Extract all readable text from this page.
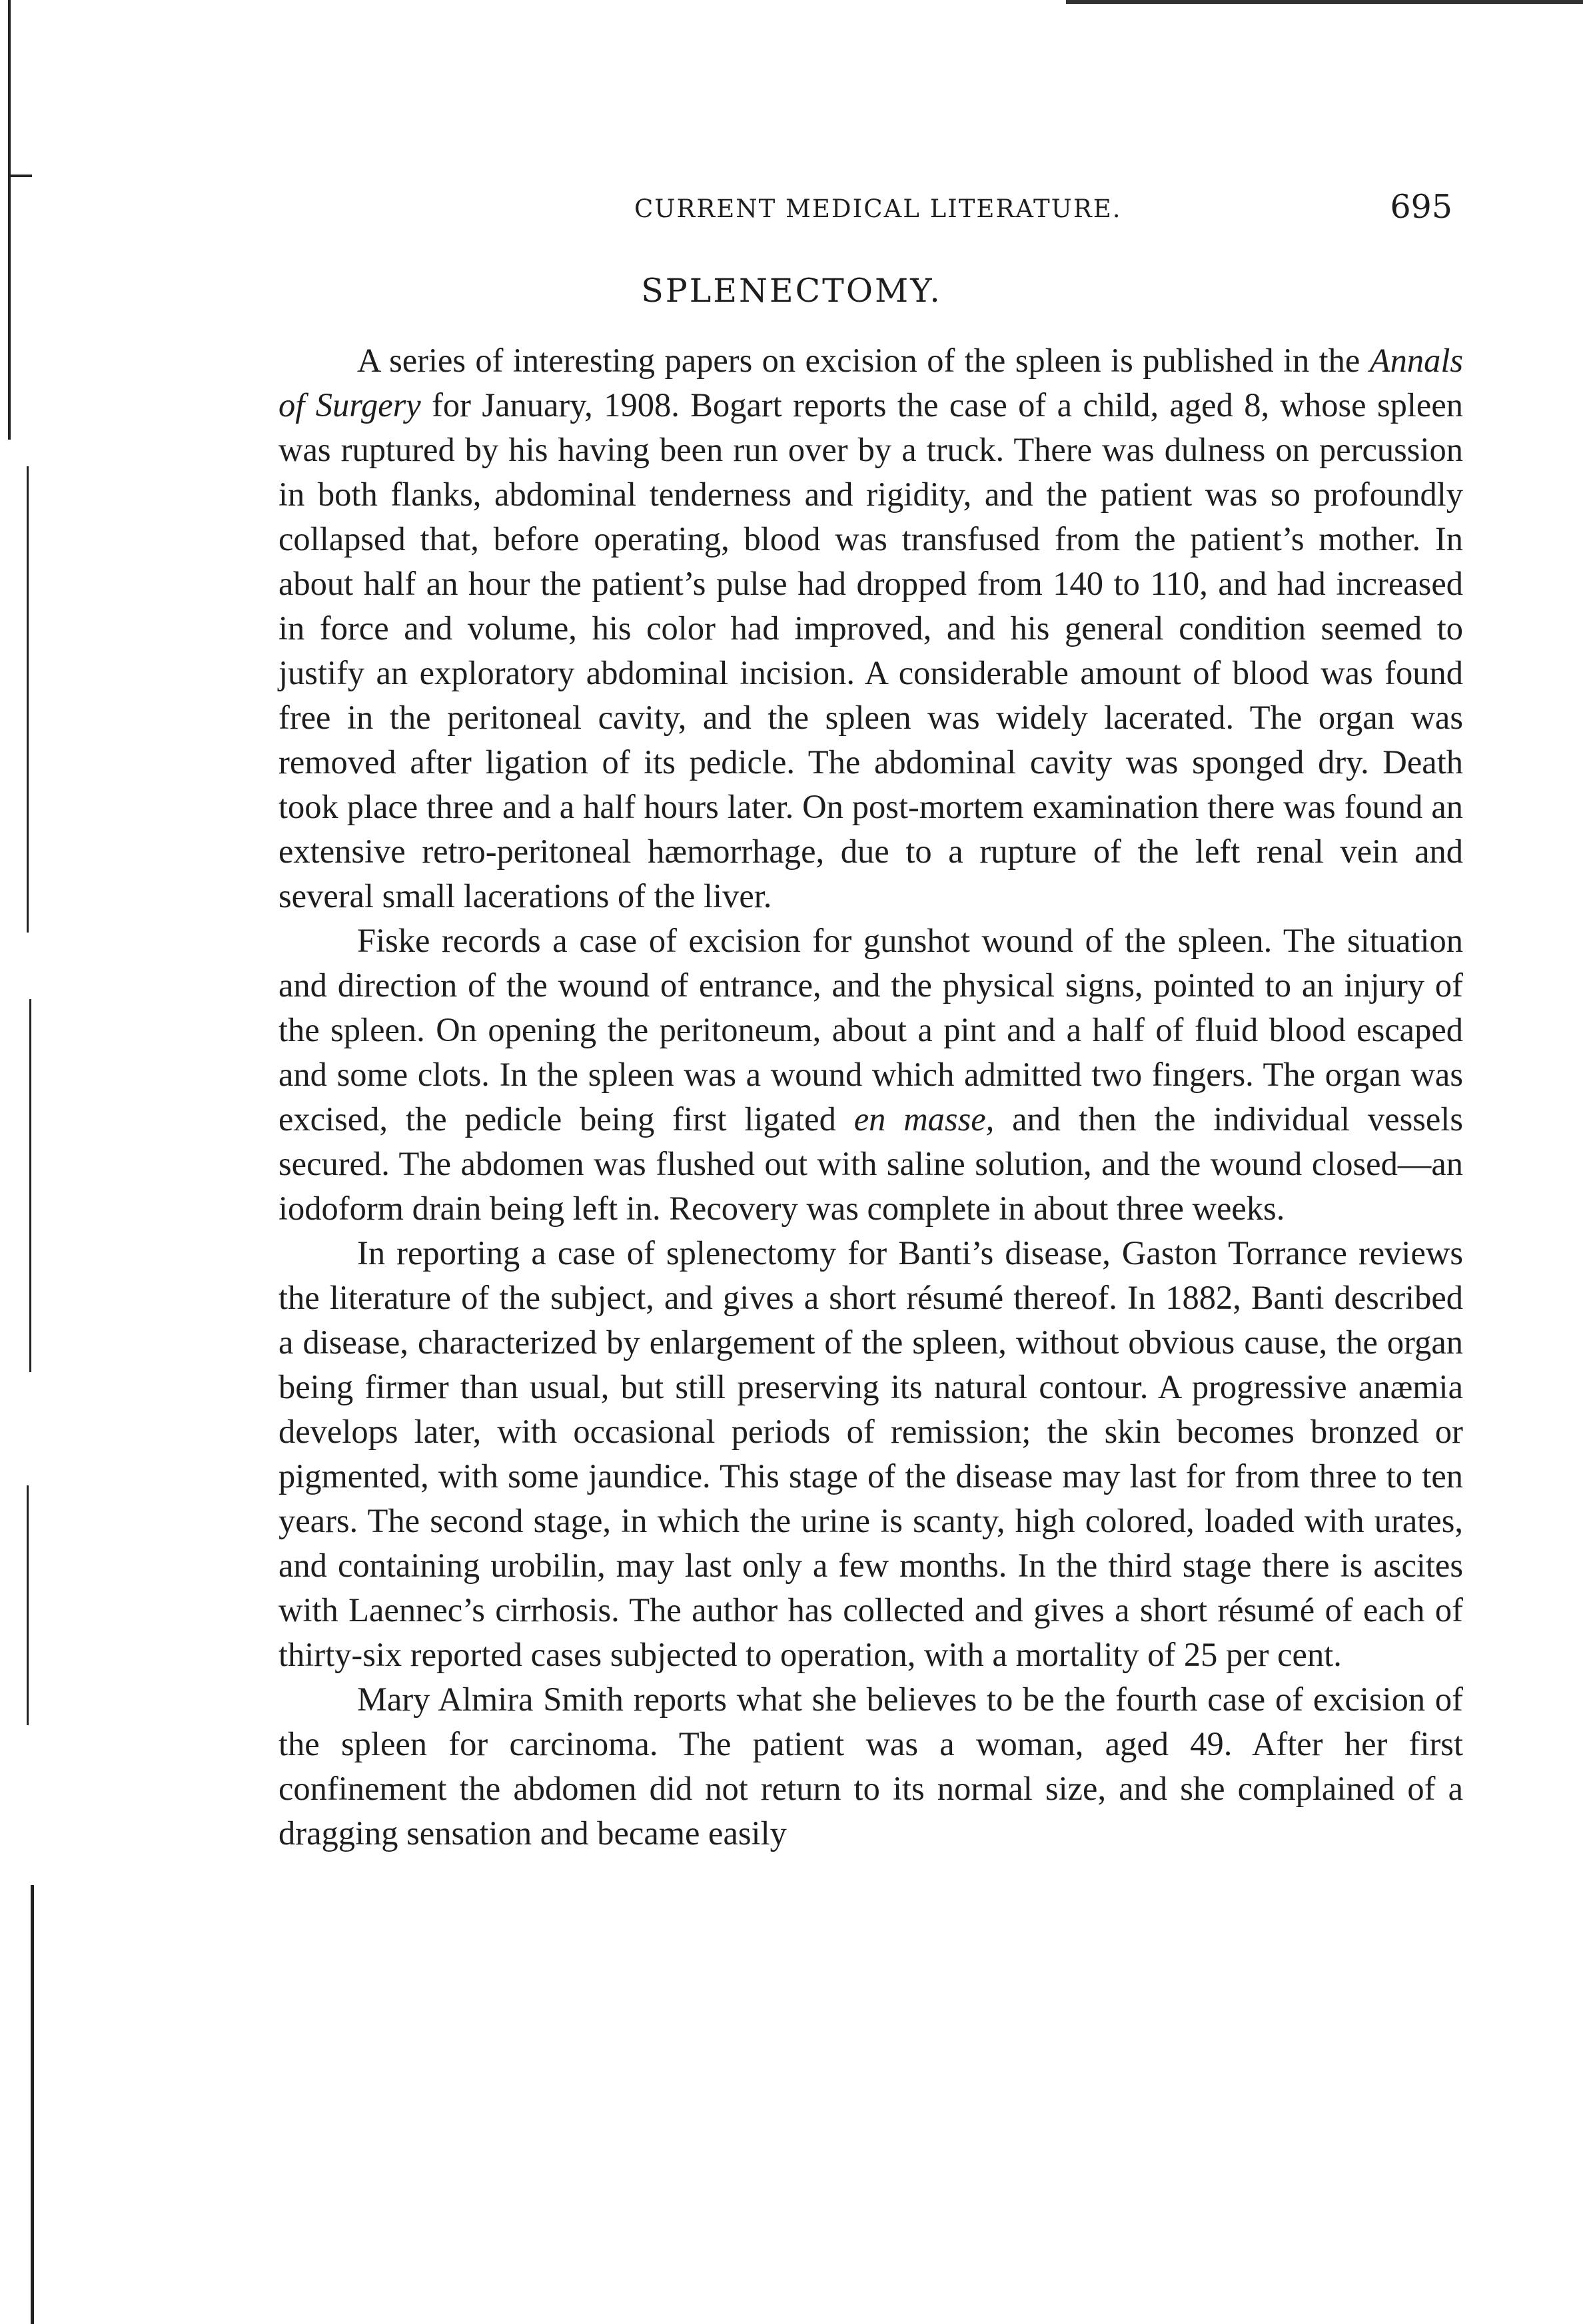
CURRENT MEDICAL LITERATURE.	695
SPLENECTOMY.

A series of interesting papers on excision of the spleen is published in the Annals of Surgery for January, 1908. Bogart reports the case of a child, aged 8, whose spleen was ruptured by his having been run over by a truck. There was dulness on percussion in both flanks, abdominal tenderness and rigidity, and the patient was so profoundly collapsed that, before operating, blood was transfused from the patient’s mother. In about half an hour the patient’s pulse had dropped from 140 to 110, and had increased in force and volume, his color had improved, and his general condition seemed to justify an exploratory abdominal incision. A considerable amount of blood was found free in the peritoneal cavity, and the spleen was widely lacerated. The organ was removed after ligation of its pedicle. The abdominal cavity was sponged dry. Death took place three and a half hours later. On post-mortem examination there was found an extensive retro-peritoneal hæmorrhage, due to a rupture of the left renal vein and several small lacerations of the liver.

Fiske records a case of excision for gunshot wound of the spleen. The situation and direction of the wound of entrance, and the physical signs, pointed to an injury of the spleen. On opening the peritoneum, about a pint and a half of fluid blood escaped and some clots. In the spleen was a wound which admitted two fingers. The organ was excised, the pedicle being first ligated en masse, and then the individual vessels secured. The abdomen was flushed out with saline solution, and the wound closed—an iodoform drain being left in. Recovery was complete in about three weeks.

In reporting a case of splenectomy for Banti’s disease, Gaston Torrance reviews the literature of the subject, and gives a short résumé thereof. In 1882, Banti described a disease, characterized by enlargement of the spleen, without obvious cause, the organ being firmer than usual, but still preserving its natural contour. A progressive anæmia develops later, with occasional periods of remission; the skin becomes bronzed or pigmented, with some jaundice. This stage of the disease may last for from three to ten years. The second stage, in which the urine is scanty, high colored, loaded with urates, and containing urobilin, may last only a few months. In the third stage there is ascites with Laennec’s cirrhosis. The author has collected and gives a short résumé of each of thirty-six reported cases subjected to operation, with a mortality of 25 per cent.

Mary Almira Smith reports what she believes to be the fourth case of excision of the spleen for carcinoma. The patient was a woman, aged 49. After her first confinement the abdomen did not return to its normal size, and she complained of a dragging sensation and became easily
